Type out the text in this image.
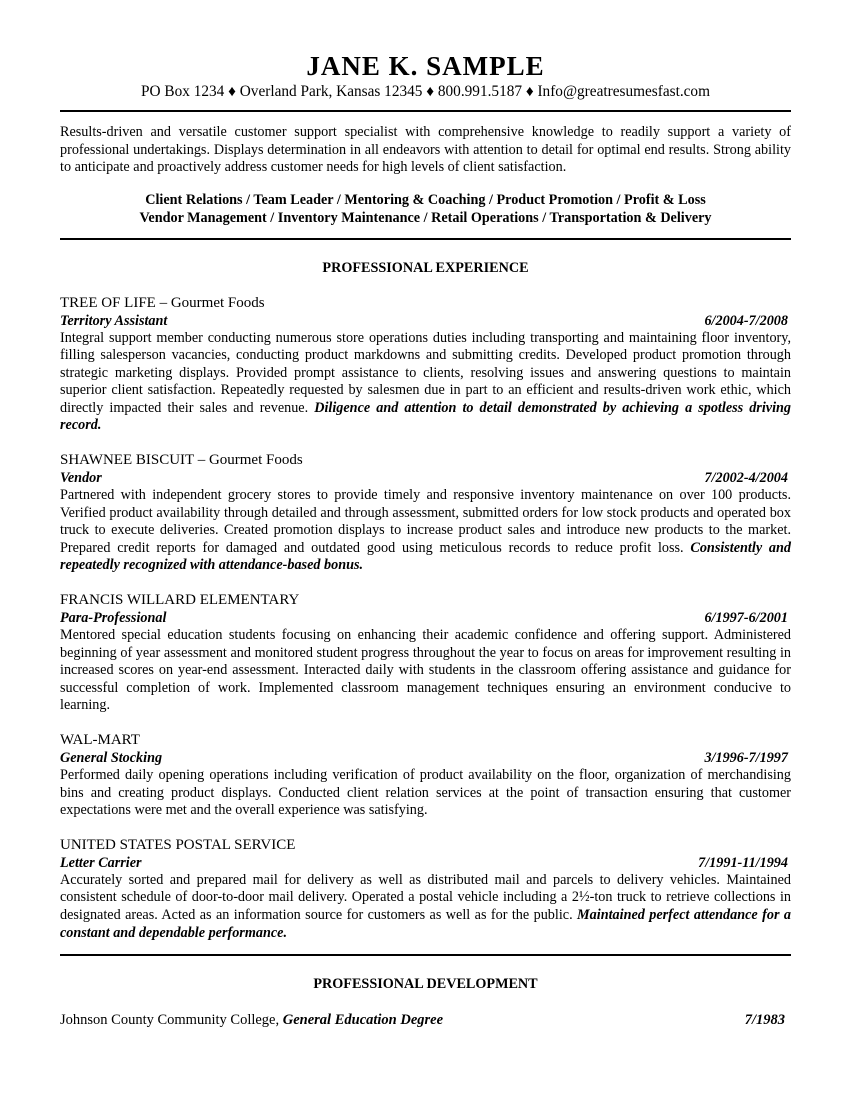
JANE K. SAMPLE
PO Box 1234 ♦ Overland Park, Kansas 12345 ♦ 800.991.5187 ♦ Info@greatresumesfast.com
Results-driven and versatile customer support specialist with comprehensive knowledge to readily support a variety of professional undertakings. Displays determination in all endeavors with attention to detail for optimal end results. Strong ability to anticipate and proactively address customer needs for high levels of client satisfaction.
Client Relations / Team Leader / Mentoring & Coaching / Product Promotion / Profit & Loss
Vendor Management / Inventory Maintenance / Retail Operations / Transportation & Delivery
PROFESSIONAL EXPERIENCE
TREE OF LIFE – Gourmet Foods
Territory Assistant	6/2004-7/2008
Integral support member conducting numerous store operations duties including transporting and maintaining floor inventory, filling salesperson vacancies, conducting product markdowns and submitting credits. Developed product promotion through strategic marketing displays. Provided prompt assistance to clients, resolving issues and answering questions to maintain superior client satisfaction. Repeatedly requested by salesmen due in part to an efficient and results-driven work ethic, which directly impacted their sales and revenue. Diligence and attention to detail demonstrated by achieving a spotless driving record.
SHAWNEE BISCUIT – Gourmet Foods
Vendor	7/2002-4/2004
Partnered with independent grocery stores to provide timely and responsive inventory maintenance on over 100 products. Verified product availability through detailed and through assessment, submitted orders for low stock products and operated box truck to execute deliveries. Created promotion displays to increase product sales and introduce new products to the market. Prepared credit reports for damaged and outdated good using meticulous records to reduce profit loss. Consistently and repeatedly recognized with attendance-based bonus.
FRANCIS WILLARD ELEMENTARY
Para-Professional	6/1997-6/2001
Mentored special education students focusing on enhancing their academic confidence and offering support. Administered beginning of year assessment and monitored student progress throughout the year to focus on areas for improvement resulting in increased scores on year-end assessment. Interacted daily with students in the classroom offering assistance and guidance for successful completion of work. Implemented classroom management techniques ensuring an environment conducive to learning.
WAL-MART
General Stocking	3/1996-7/1997
Performed daily opening operations including verification of product availability on the floor, organization of merchandising bins and creating product displays. Conducted client relation services at the point of transaction ensuring that customer expectations were met and the overall experience was satisfying.
UNITED STATES POSTAL SERVICE
Letter Carrier	7/1991-11/1994
Accurately sorted and prepared mail for delivery as well as distributed mail and parcels to delivery vehicles. Maintained consistent schedule of door-to-door mail delivery. Operated a postal vehicle including a 2½-ton truck to retrieve collections in designated areas. Acted as an information source for customers as well as for the public. Maintained perfect attendance for a constant and dependable performance.
PROFESSIONAL DEVELOPMENT
Johnson County Community College, General Education Degree	7/1983
